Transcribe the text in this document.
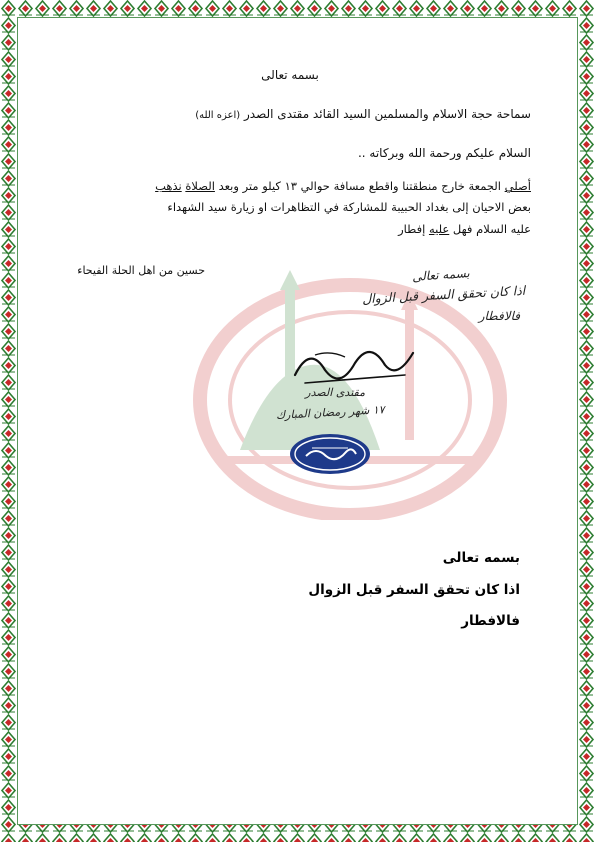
بسمه تعالى
سماحة حجة الاسلام والمسلمين السيد القائد مقتدى الصدر (اعزه الله)
السلام عليكم ورحمة الله وبركاته ..
أصلي الجمعة خارج منطقتنا واقطع مسافة حوالي ١٣ كيلو متر وبعد الصلاة نذهب
بعض الاحيان إلى بغداد الحبيبة للمشاركة في التظاهرات او زيارة سيد الشهداء
عليه السلام فهل عليه إفطار
حسين من اهل الحلة الفيحاء	بسمه تعالى
اذا كان تحقق السفر قبل الزوال
فالافطار
مقتدى الصدر
١٧ شهر رمضان المبارك
بسمه تعالى
اذا كان تحقق السفر قبل الزوال
فالافطار
